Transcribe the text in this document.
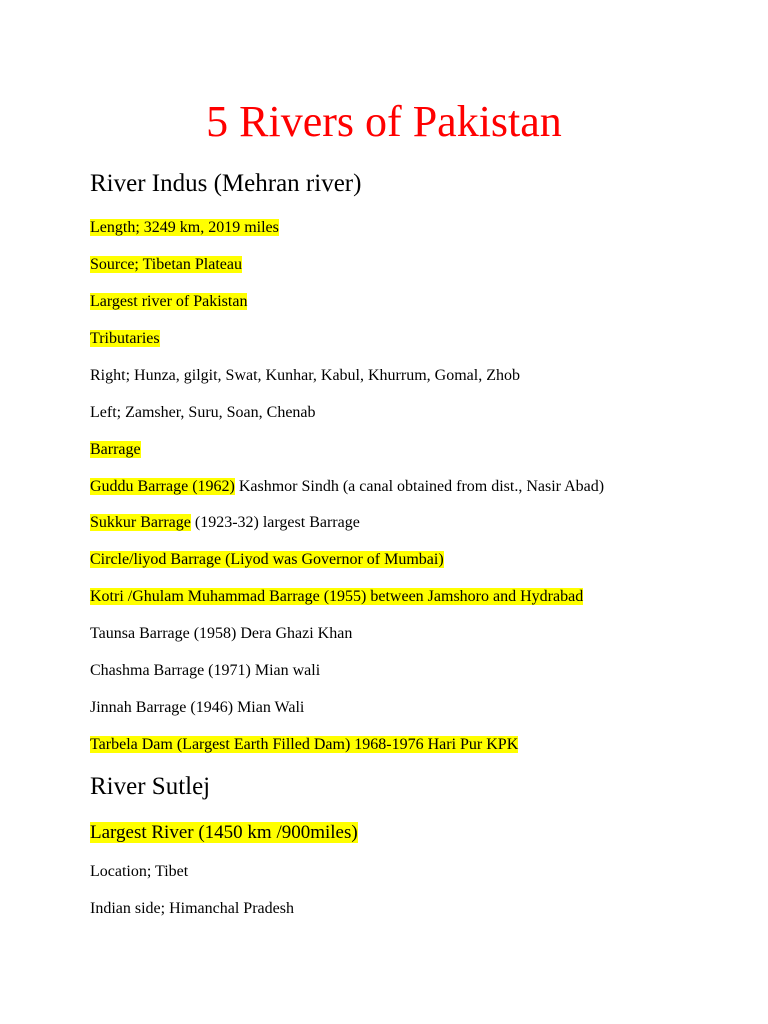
5 Rivers of Pakistan
River Indus (Mehran river)
Length; 3249 km, 2019 miles
Source; Tibetan Plateau
Largest river of Pakistan
Tributaries
Right; Hunza, gilgit, Swat, Kunhar, Kabul, Khurrum, Gomal, Zhob
Left; Zamsher, Suru, Soan, Chenab
Barrage
Guddu Barrage (1962) Kashmor Sindh (a canal obtained from dist., Nasir Abad)
Sukkur Barrage (1923-32) largest Barrage
Circle/liyod Barrage (Liyod was Governor of Mumbai)
Kotri /Ghulam Muhammad Barrage (1955) between Jamshoro and Hydrabad
Taunsa Barrage (1958) Dera Ghazi Khan
Chashma Barrage (1971) Mian wali
Jinnah Barrage (1946) Mian Wali
Tarbela Dam (Largest Earth Filled Dam) 1968-1976 Hari Pur KPK
River Sutlej
Largest River (1450 km /900miles)
Location; Tibet
Indian side; Himanchal Pradesh
